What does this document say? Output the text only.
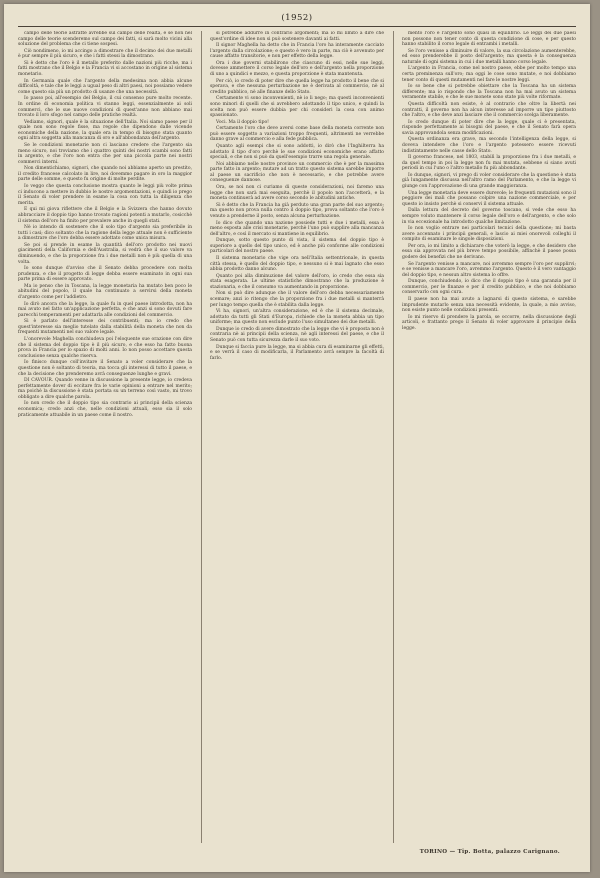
(1952)

campo delle teorie astratte avrebbe sul campo delle realtà, e se non nel campo delle teorie scenderemo sul campo dei fatti, si sarà molto vicini alla soluzione del problema che ci tiene sospesi.

Ciò nondimeno, io mi accingo a dimostrare che il decimo dei due metalli è pur sempre il più sicuro, e che i fatti stessi la dimostrano.

Si è detto che l'oro è il metallo preferito dalle nazioni più ricche, ma i fatti mostrano che il Belgio e la Francia vi si accostano in origine al sistema monetario.

In Germania quale che l'argento della medesima non abbia alcune difficoltà, e tale che le leggi a ugual peso di altri paesi, noi possiamo vedere come questo sia più un prodotto di usanze che una necessità.

Io passo poi, all'esempio del Belgio, il cui consenso pure molto recente. In ordine di economia politica vi stanno leggi, essenzialmente ai soli commerci, che le sue nuove condizioni di quest'anno non abbiano mai trovato il loro sfogo nel campo delle pratiche realtà.

Vediamo, signori, quale è la situazione dell'Italia. Noi siamo paese per il quale non sono regole fisse, ma regole che dipendono dalle vicende economiche della nazione, la quale era in tempo di bisogno stata quanto ogni altra soggetta alla mancanza di oro e all'abbondanza dell'argento.

Se le condizioni monetarie non ci lasciano credere che l'argento sia meno sicuro, noi troviamo che i quattro quinti dei nostri scambi sono fatti in argento, e che l'oro non entra che per una piccola parte nei nostri commerci interni.

Non dimentichiamo, signori, che quando noi abbiamo aperto un prestito, il credito francese calcolato in lire, noi dovemmo pagare in oro la maggior parte delle somme, e questo fu origine di molte perdite.

Io veggo che questa conclusione mostra quanto le leggi più volte prima ci inducono a mettere in dubbio le nostre argomentazioni, e quindi io prego il Senato di voler prendere in esame la cosa con tutta la diligenza che merita.

E qui mi giova riflettere che il Belgio e la Svizzera che hanno dovuto abbracciare il doppio tipo hanno trovato ragioni potenti a mutarlo, cosicchè il sistema dell'oro ha finito per prevalere anche in quegli stati.

Nè io intendo di sostenere che il solo tipo d'argento sia preferibile in tutti i casi; dico soltanto che la ragione della legge attuale non è sufficiente a dimostrare che l'oro debba essere adottato come unica misura.

Se poi si prende in esame la quantità dell'oro prodotto nei nuovi giacimenti della California e dell'Australia, si vedrà che il suo valore va diminuendo, e che la proporzione fra i due metalli non è più quella di una volta.

Io sono dunque d'avviso che il Senato debba procedere con molta prudenza, e che il progetto di legge debba essere esaminato in ogni sua parte prima di essere approvato.

Ma io penso che in Toscana, la legge monetaria ha mutato ben poco le abitudini del popolo, il quale ha continuato a servirsi della moneta d'argento come per l'addietro.

Io dirò ancora che la legge, la quale fu in quel paese introdotta, non ha mai avuto nel fatto un'applicazione perfetta, e che anzi si sono dovuti fare parecchi temperamenti per adattarla alle condizioni del commercio.

Si è parlato dell'interesse dei contribuenti; ma io credo che quest'interesse sia meglio tutelato dalla stabilità della moneta che non da frequenti mutamenti nel suo valore legale.

L'onorevole Maghella conchiudeva poi l'eloquente sue orazione con dire che il sistema del doppio tipo è il più sicuro, e che esso ha fatto buona prova in Francia per lo spazio di molti anni. Io non posso accettare questa conclusione senza qualche riserva.

Io finisco dunque coll'invitare il Senato a voler considerare che la questione non è soltanto di teoria, ma tocca gli interessi di tutto il paese, e che la decisione che prenderemo avrà conseguenze lunghe e gravi.

DI CAVOUR. Quando venne in discussione la presente legge, io credeva perfettamente dover di eccitare fra le varie opinioni a entrare nel merito; ma poichè la discussione è stata portata su un terreno così vasto, mi trovo obbligato a dire qualche parola.

Io non credo che il doppio tipo sia contrario ai principii della scienza economica; credo anzi che, nelle condizioni attuali, esso sia il solo praticamente attuabile in un paese come il nostro.

si potrebbe addurre in contrario argomenti; ma io mi limito a dire che quest'ordine di idee non si può sostenere davanti ai fatti.

Il signor Maghella ha detto che in Francia l'oro ha interamente cacciato l'argento dalla circolazione; e questo è vero in parte, ma ciò è avvenuto per cause affatto transitorie, e non per effetto della legge.

Ora i due governi stabilirono che ciascuno di essi, nelle sue leggi, dovesse ammettere il corso legale dell'oro e dell'argento nella proporzione di uno a quindici e mezzo, e questa proporzione è stata mantenuta.

Per ciò, io credo di poter dire che quella legge ha prodotto il bene che si sperava, e che nessuna perturbazione ne è derivata al commercio, nè al credito pubblico, nè alle finanze dello Stato.

Certamente vi sono inconvenienti, nè io li nego; ma questi inconvenienti sono minori di quelli che si avrebbero adottando il tipo unico, e quindi la scelta non può essere dubbia per chi consideri la cosa con animo spassionato.

Voci. Ma il doppio tipo!

Certamente l'oro che deve aversi come base della moneta corrente non può essere soggetto a variazioni troppo frequenti, altrimenti ne verrebbe danno grave al commercio e alla fede pubblica.

Quanto agli esempi che si sono addotti, io dirò che l'Inghilterra ha adottato il tipo d'oro perchè le sue condizioni economiche erano affatto speciali, e che non si può da quell'esempio trarre una regola generale.

Noi abbiamo nelle nostre province un commercio che è per la massima parte fatto in argento; mutare ad un tratto questo sistema sarebbe imporre al paese un sacrificio che non è necessario, e che potrebbe avere conseguenze dannose.

Ora, se noi non ci curiamo di queste considerazioni, noi faremo una legge che non sarà mai eseguita, perchè il popolo non l'accetterà, e la moneta continuerà ad avere corso secondo le abitudini antiche.

Si è detto che la Francia ha già perduto una gran parte del suo argento; ma questo non prova nulla contro il doppio tipo, prova soltanto che l'oro è venuto a prenderne il posto, senza alcuna perturbazione.

Io dico che quando una nazione possiede tutti e due i metalli, essa è meno esposta alle crisi monetarie, perchè l'uno può supplire alla mancanza dell'altro, e così il mercato si mantiene in equilibrio.

Dunque, sotto questo punto di vista, il sistema del doppio tipo è superiore a quello del tipo unico, ed è anche più conforme alle condizioni particolari del nostro paese.

Il sistema monetario che vige ora nell'Italia settentrionale, in questa città stessa, è quello del doppio tipo, e nessuno si è mai lagnato che esso abbia prodotto danno alcuno.

Quanto poi alla diminuzione del valore dell'oro, io credo che essa sia stata esagerata. Le ultime statistiche dimostrano che la produzione è stazionaria, e che il consumo va aumentando in proporzione.

Non si può dire adunque che il valore dell'oro debba necessariamente scemare; anzi io ritengo che la proporzione fra i due metalli si manterrà per lungo tempo quella che è stabilita dalla legge.

Vi ha, signori, un'altra considerazione, ed è che il sistema decimale, adottato da tutti gli Stati d'Europa, richiede che la moneta abbia un tipo uniforme; ma questo non esclude punto l'uso simultaneo dei due metalli.

Dunque io credo di avere dimostrato che la legge che vi è proposta non è contraria nè ai principii della scienza, nè agli interessi del paese, e che il Senato può con tutta sicurezza darle il suo voto.

Dunque si faccia pure la legge, ma si abbia cura di esaminarne gli effetti, e se verrà il caso di modificarla, il Parlamento avrà sempre la facoltà di farlo.

mento l'oro e l'argento sono quasi in equilibrio. Le leggi dei due paesi non possono non tener conto di questa condizione di cose, e per questo hanno stabilito il corso legale di entrambi i metalli.

Se l'oro venisse a diminuire di valore, la sua circolazione aumenterebbe, ed esso prenderebbe il posto dell'argento; ma questa è la conseguenza naturale di ogni sistema in cui i due metalli hanno corso legale.

L'argento in Francia, come nel nostro paese, ebbe per molto tempo una certa preminenza sull'oro; ma oggi le cose sono mutate, e noi dobbiamo tener conto di questi mutamenti nel fare le nostre leggi.

Io so bene che si potrebbe obiettare che la Toscana ha un sistema differente; ma io rispondo che la Toscana non ha mai avuto un sistema veramente stabile, e che le sue monete sono state più volte riformate.

Questa difficoltà non esiste, è al contrario che oltre la libertà nei contratti, il governo non ha alcun interesse ad imporre un tipo piuttosto che l'altro, e che deve anzi lasciare che il commercio scelga liberamente.

Io credo dunque di poter dire che la legge, quale ci è presentata, risponde perfettamente ai bisogni del paese, e che il Senato farà opera savia approvandola senza modificazioni.

Questa ordinanza era grave, ma secondo l'intelligenza della legge, si doveva intendere che l'oro e l'argento potessero essere ricevuti indistintamente nelle casse dello Stato.

Il governo francese, nel 1803, stabilì la proporzione fra i due metalli, e da quel tempo in poi la legge non fu mai mutata, sebbene si siano avuti periodi in cui l'uno o l'altro metallo fu più abbondante.

Io dunque, signori, vi prego di voler considerare che la questione è stata già lungamente discussa nell'altro ramo del Parlamento, e che la legge vi giunge con l'approvazione di una grande maggioranza.

Una legge monetaria deve essere durevole; le frequenti mutazioni sono il peggiore dei mali che possano colpire una nazione commerciale, e per questo io insisto perchè si conservi il sistema attuale.

Dalla lettura del decreto del governo toscano, si vede che esso ha sempre voluto mantenere il corso legale dell'oro e dell'argento, e che solo in via eccezionale ha introdotto qualche limitazione.

Io non voglio entrare nei particolari tecnici della questione; mi basta avere accennato i principii generali, e lascio ai miei onorevoli colleghi il compito di esaminare le singole disposizioni.

Per ora, io mi limito a dichiarare che voterò la legge, e che desidero che essa sia approvata nel più breve tempo possibile, affinchè il paese possa godere dei benefizi che ne derivano.

Se l'argento venisse a mancare, noi avremmo sempre l'oro per supplirvi; e se venisse a mancare l'oro, avremmo l'argento. Questo è il vero vantaggio del doppio tipo, e nessun altro sistema lo offre.

Dunque, conchiudendo, io dico che il doppio tipo è una garanzia per il commercio, per le finanze e per il credito pubblico, e che noi dobbiamo conservarlo con ogni cura.

Il paese non ha mai avuto a lagnarsi di questo sistema, e sarebbe imprudente mutarlo senza una necessità evidente, la quale, a mio avviso, non esiste punto nelle condizioni presenti.

Io mi riservo di prendere la parola, se occorre, nella discussione degli articoli, e frattanto prego il Senato di voler approvare il principio della legge.

TORINO — Tip. Botta, palazzo Carignano.
